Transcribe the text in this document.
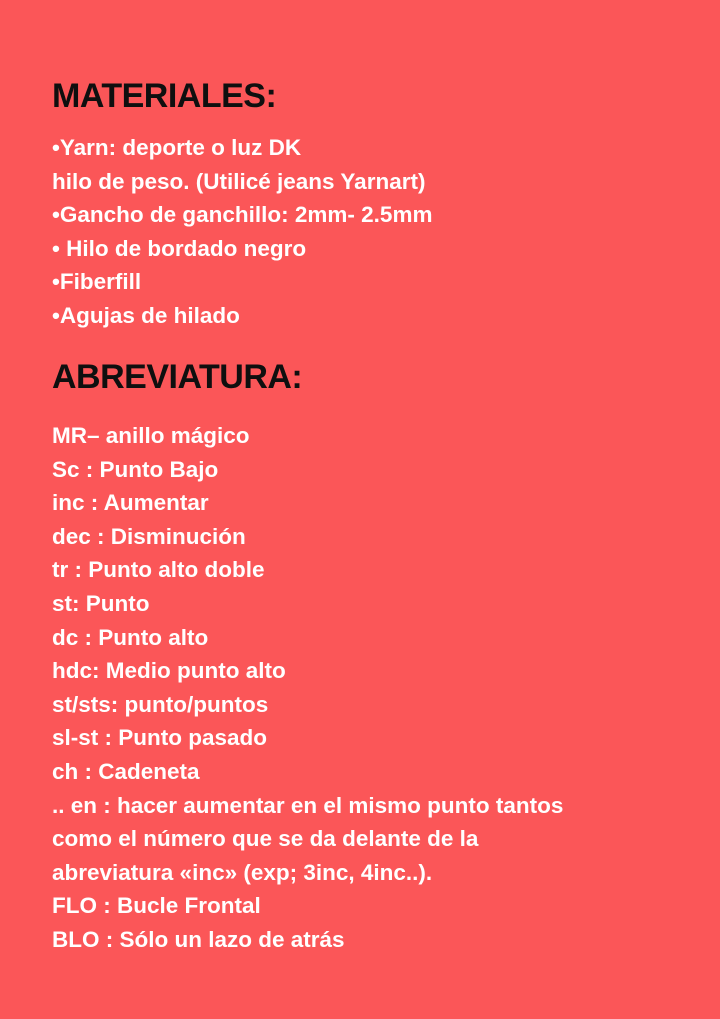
MATERIALES:
•Yarn: deporte o luz DK
hilo de peso. (Utilicé jeans Yarnart)
•Gancho de ganchillo: 2mm- 2.5mm
• Hilo de bordado negro
•Fiberfill
•Agujas de hilado
ABREVIATURA:
MR– anillo mágico
Sc : Punto Bajo
inc : Aumentar
dec : Disminución
tr : Punto alto doble
st: Punto
dc : Punto alto
hdc: Medio punto alto
st/sts: punto/puntos
sl-st : Punto pasado
ch : Cadeneta
.. en : hacer aumentar en el mismo punto tantos
como el número que se da delante de la
abreviatura «inc» (exp; 3inc, 4inc..).
FLO : Bucle Frontal
BLO : Sólo un lazo de atrás
